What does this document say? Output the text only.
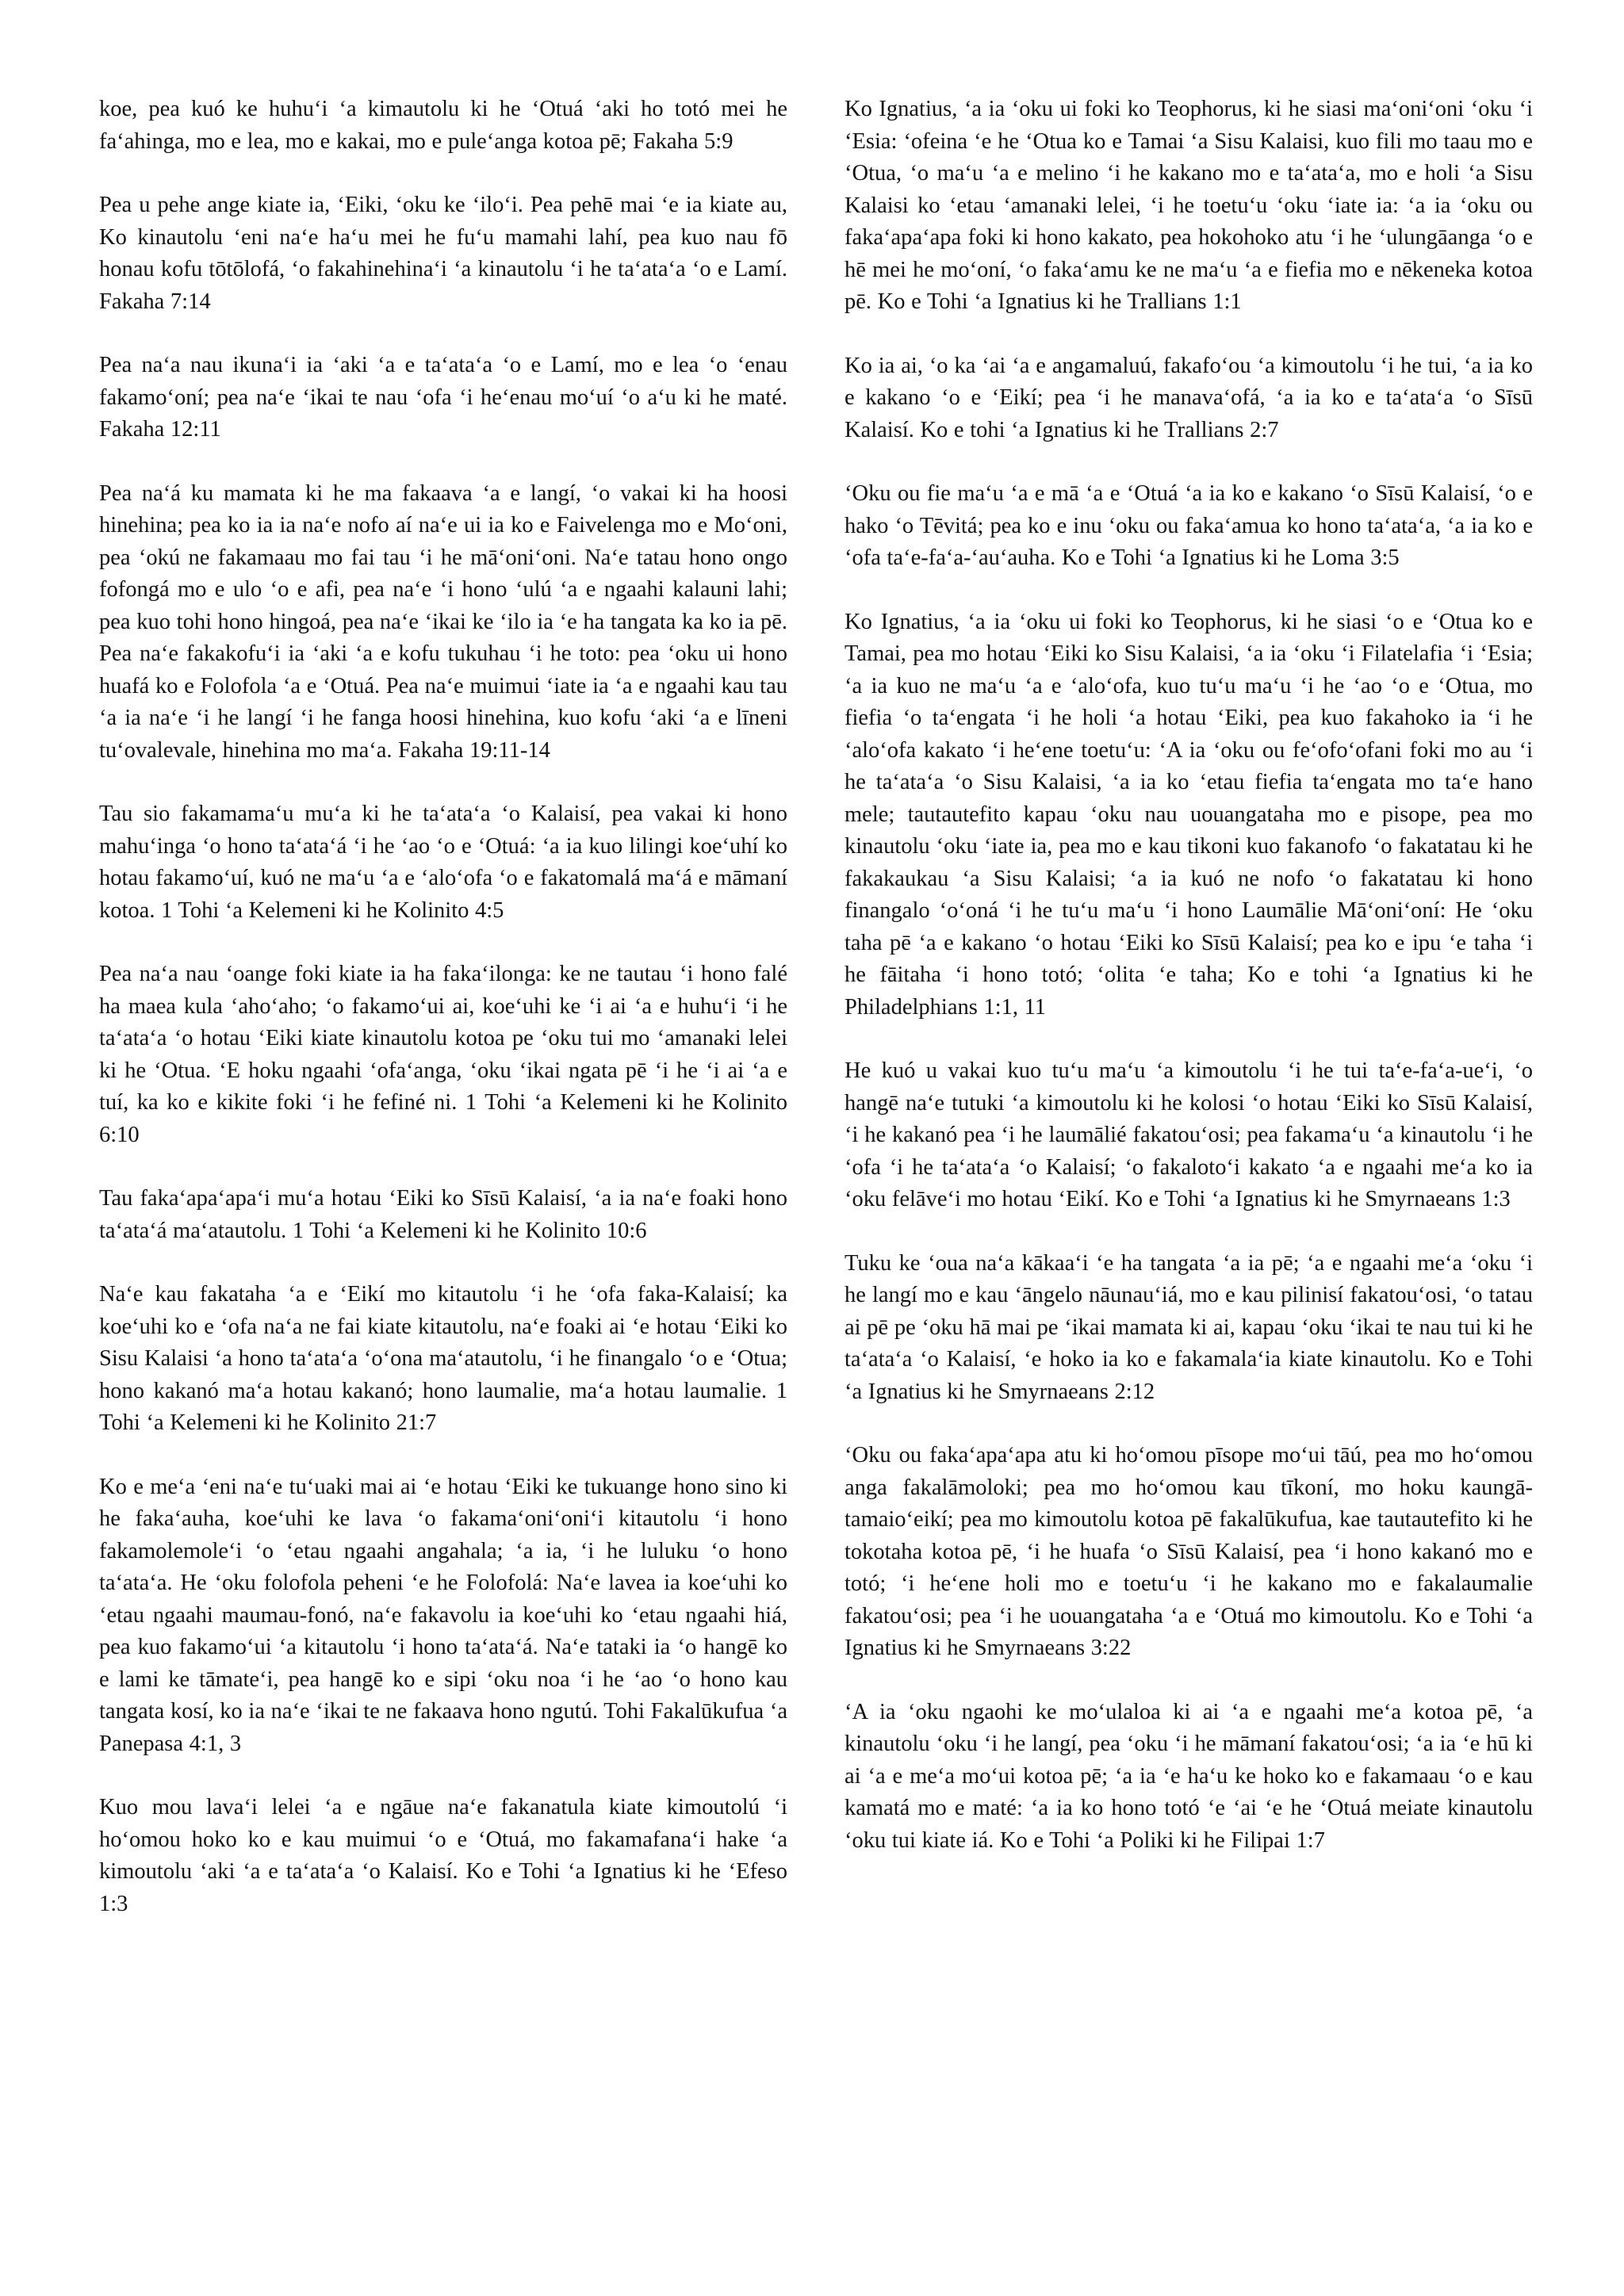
koe, pea kuó ke huhuʻi ʻa kimautolu ki he ʻOtuá ʻaki ho totó mei he faʻahinga, mo e lea, mo e kakai, mo e puleʻanga kotoa pē; Fakaha 5:9

Pea u pehe ange kiate ia, ʻEiki, ʻoku ke ʻiloʻi. Pea pehē mai ʻe ia kiate au, Ko kinautolu ʻeni naʻe haʻu mei he fuʻu mamahi lahí, pea kuo nau fō honau kofu tōtōlofá, ʻo fakahinehinaʻi ʻa kinautolu ʻi he taʻataʻa ʻo e Lamí. Fakaha 7:14

Pea naʻa nau ikunaʻi ia ʻaki ʻa e taʻataʻa ʻo e Lamí, mo e lea ʻo ʻenau fakamoʻoní; pea naʻe ʻikai te nau ʻofa ʻi heʻenau moʻuí ʻo aʻu ki he maté. Fakaha 12:11

Pea naʻá ku mamata ki he ma fakaava ʻa e langí, ʻo vakai ki ha hoosi hinehina; pea ko ia ia naʻe nofo aí naʻe ui ia ko e Faivelenga mo e Moʻoni, pea ʻokú ne fakamaau mo fai tau ʻi he māʻoniʻoni. Naʻe tatau hono ongo fofongá mo e ulo ʻo e afi, pea naʻe ʻi hono ʻulú ʻa e ngaahi kalauni lahi; pea kuo tohi hono hingoá, pea naʻe ʻikai ke ʻilo ia ʻe ha tangata ka ko ia pē. Pea naʻe fakakofuʻi ia ʻaki ʻa e kofu tukuhau ʻi he toto: pea ʻoku ui hono huafá ko e Folofola ʻa e ʻOtuá. Pea naʻe muimui ʻiate ia ʻa e ngaahi kau tau ʻa ia naʻe ʻi he langí ʻi he fanga hoosi hinehina, kuo kofu ʻaki ʻa e līneni tuʻovalevale, hinehina mo maʻa. Fakaha 19:11-14

Tau sio fakamamaʻu muʻa ki he taʻataʻa ʻo Kalaisí, pea vakai ki hono mahuʻinga ʻo hono taʻataʻá ʻi he ʻao ʻo e ʻOtuá: ʻa ia kuo lilingi koeʻuhí ko hotau fakamoʻuí, kuó ne maʻu ʻa e ʻaloʻofa ʻo e fakatomalá maʻá e māmaní kotoa. 1 Tohi ʻa Kelemeni ki he Kolinito 4:5

Pea naʻa nau ʻoange foki kiate ia ha fakaʻilonga: ke ne tautau ʻi hono falé ha maea kula ʻahoʻaho; ʻo fakamoʻui ai, koeʻuhi ke ʻi ai ʻa e huhuʻi ʻi he taʻataʻa ʻo hotau ʻEiki kiate kinautolu kotoa pe ʻoku tui mo ʻamanaki lelei ki he ʻOtua. ʻE hoku ngaahi ʻofaʻanga, ʻoku ʻikai ngata pē ʻi he ʻi ai ʻa e tuí, ka ko e kikite foki ʻi he fefiné ni. 1 Tohi ʻa Kelemeni ki he Kolinito 6:10

Tau fakaʻapaʻapaʻi muʻa hotau ʻEiki ko Sīsū Kalaisí, ʻa ia naʻe foaki hono taʻataʻá maʻatautolu. 1 Tohi ʻa Kelemeni ki he Kolinito 10:6

Naʻe kau fakataha ʻa e ʻEikí mo kitautolu ʻi he ʻofa faka-Kalaisí; ka koeʻuhi ko e ʻofa naʻa ne fai kiate kitautolu, naʻe foaki ai ʻe hotau ʻEiki ko Sisu Kalaisi ʻa hono taʻataʻa ʻoʻona maʻatautolu, ʻi he finangalo ʻo e ʻOtua; hono kakanó maʻa hotau kakanó; hono laumalie, maʻa hotau laumalie. 1 Tohi ʻa Kelemeni ki he Kolinito 21:7

Ko e meʻa ʻeni naʻe tuʻuaki mai ai ʻe hotau ʻEiki ke tukuange hono sino ki he fakaʻauha, koeʻuhi ke lava ʻo fakamaʻoniʻoniʻi kitautolu ʻi hono fakamolemoleʻi ʻo ʻetau ngaahi angahala; ʻa ia, ʻi he luluku ʻo hono taʻataʻa. He ʻoku folofola peheni ʻe he Folofolá: Naʻe lavea ia koeʻuhi ko ʻetau ngaahi maumau-fonó, naʻe fakavolu ia koeʻuhi ko ʻetau ngaahi hiá, pea kuo fakamoʻui ʻa kitautolu ʻi hono taʻataʻá. Naʻe tataki ia ʻo hangē ko e lami ke tāmateʻi, pea hangē ko e sipi ʻoku noa ʻi he ʻao ʻo hono kau tangata kosí, ko ia naʻe ʻikai te ne fakaava hono ngutú. Tohi Fakalūkufua ʻa Panepasa 4:1, 3

Kuo mou lavaʻi lelei ʻa e ngāue naʻe fakanatula kiate kimoutolú ʻi hoʻomou hoko ko e kau muimui ʻo e ʻOtuá, mo fakamafanaʻi hake ʻa kimoutolu ʻaki ʻa e taʻataʻa ʻo Kalaisí. Ko e Tohi ʻa Ignatius ki he ʻEfeso 1:3

Ko Ignatius, ʻa ia ʻoku ui foki ko Teophorus, ki he siasi maʻoniʻoni ʻoku ʻi ʻEsia: ʻofeina ʻe he ʻOtua ko e Tamai ʻa Sisu Kalaisi, kuo fili mo taau mo e ʻOtua, ʻo maʻu ʻa e melino ʻi he kakano mo e taʻataʻa, mo e holi ʻa Sisu Kalaisi ko ʻetau ʻamanaki lelei, ʻi he toetuʻu ʻoku ʻiate ia: ʻa ia ʻoku ou fakaʻapaʻapa foki ki hono kakato, pea hokohoko atu ʻi he ʻulungāanga ʻo e hē mei he moʻoní, ʻo fakaʻamu ke ne maʻu ʻa e fiefia mo e nēkeneka kotoa pē. Ko e Tohi ʻa Ignatius ki he Trallians 1:1

Ko ia ai, ʻo ka ʻai ʻa e angamaluú, fakafoʻou ʻa kimoutolu ʻi he tui, ʻa ia ko e kakano ʻo e ʻEikí; pea ʻi he manavaʻofá, ʻa ia ko e taʻataʻa ʻo Sīsū Kalaisí. Ko e tohi ʻa Ignatius ki he Trallians 2:7

ʻOku ou fie maʻu ʻa e mā ʻa e ʻOtuá ʻa ia ko e kakano ʻo Sīsū Kalaisí, ʻo e hako ʻo Tēvitá; pea ko e inu ʻoku ou fakaʻamua ko hono taʻataʻa, ʻa ia ko e ʻofa taʻe-faʻa-ʻauʻauha. Ko e Tohi ʻa Ignatius ki he Loma 3:5

Ko Ignatius, ʻa ia ʻoku ui foki ko Teophorus, ki he siasi ʻo e ʻOtua ko e Tamai, pea mo hotau ʻEiki ko Sisu Kalaisi, ʻa ia ʻoku ʻi Filatelafia ʻi ʻEsia; ʻa ia kuo ne maʻu ʻa e ʻaloʻofa, kuo tuʻu maʻu ʻi he ʻao ʻo e ʻOtua, mo fiefia ʻo taʻengata ʻi he holi ʻa hotau ʻEiki, pea kuo fakahoko ia ʻi he ʻaloʻofa kakato ʻi heʻene toetuʻu: ʻA ia ʻoku ou feʻofoʻofani foki mo au ʻi he taʻataʻa ʻo Sisu Kalaisi, ʻa ia ko ʻetau fiefia taʻengata mo taʻe hano mele; tautautefito kapau ʻoku nau uouangataha mo e pisope, pea mo kinautolu ʻoku ʻiate ia, pea mo e kau tikoni kuo fakanofo ʻo fakatatau ki he fakakaukau ʻa Sisu Kalaisi; ʻa ia kuó ne nofo ʻo fakatatau ki hono finangalo ʻoʻoná ʻi he tuʻu maʻu ʻi hono Laumālie Māʻoniʻoní: He ʻoku taha pē ʻa e kakano ʻo hotau ʻEiki ko Sīsū Kalaisí; pea ko e ipu ʻe taha ʻi he fāitaha ʻi hono totó; ʻolita ʻe taha; Ko e tohi ʻa Ignatius ki he Philadelphians 1:1, 11

He kuó u vakai kuo tuʻu maʻu ʻa kimoutolu ʻi he tui taʻe-faʻa-ueʻi, ʻo hangē naʻe tutuki ʻa kimoutolu ki he kolosi ʻo hotau ʻEiki ko Sīsū Kalaisí, ʻi he kakanó pea ʻi he laumālié fakatouʻosi; pea fakamaʻu ʻa kinautolu ʻi he ʻofa ʻi he taʻataʻa ʻo Kalaisí; ʻo fakalotoʻi kakato ʻa e ngaahi meʻa ko ia ʻoku felāveʻi mo hotau ʻEikí. Ko e Tohi ʻa Ignatius ki he Smyrnaeans 1:3

Tuku ke ʻoua naʻa kākaaʻi ʻe ha tangata ʻa ia pē; ʻa e ngaahi meʻa ʻoku ʻi he langí mo e kau ʻāngelo nāunauʻiá, mo e kau pilinisí fakatouʻosi, ʻo tatau ai pē pe ʻoku hā mai pe ʻikai mamata ki ai, kapau ʻoku ʻikai te nau tui ki he taʻataʻa ʻo Kalaisí, ʻe hoko ia ko e fakamalaʻia kiate kinautolu. Ko e Tohi ʻa Ignatius ki he Smyrnaeans 2:12

ʻOku ou fakaʻapaʻapa atu ki hoʻomou pīsope moʻui tāú, pea mo hoʻomou anga fakalāmoloki; pea mo hoʻomou kau tīkoní, mo hoku kaungā-tamaioʻeikí; pea mo kimoutolu kotoa pē fakalūkufua, kae tautautefito ki he tokotaha kotoa pē, ʻi he huafa ʻo Sīsū Kalaisí, pea ʻi hono kakanó mo e totó; ʻi heʻene holi mo e toetuʻu ʻi he kakano mo e fakalaumalie fakatouʻosi; pea ʻi he uouangataha ʻa e ʻOtuá mo kimoutolu. Ko e Tohi ʻa Ignatius ki he Smyrnaeans 3:22

ʻA ia ʻoku ngaohi ke moʻulaloa ki ai ʻa e ngaahi meʻa kotoa pē, ʻa kinautolu ʻoku ʻi he langí, pea ʻoku ʻi he māmaní fakatouʻosi; ʻa ia ʻe hū ki ai ʻa e meʻa moʻui kotoa pē; ʻa ia ʻe haʻu ke hoko ko e fakamaau ʻo e kau kamatá mo e maté: ʻa ia ko hono totó ʻe ʻai ʻe he ʻOtuá meiate kinautolu ʻoku tui kiate iá. Ko e Tohi ʻa Poliki ki he Filipai 1:7
